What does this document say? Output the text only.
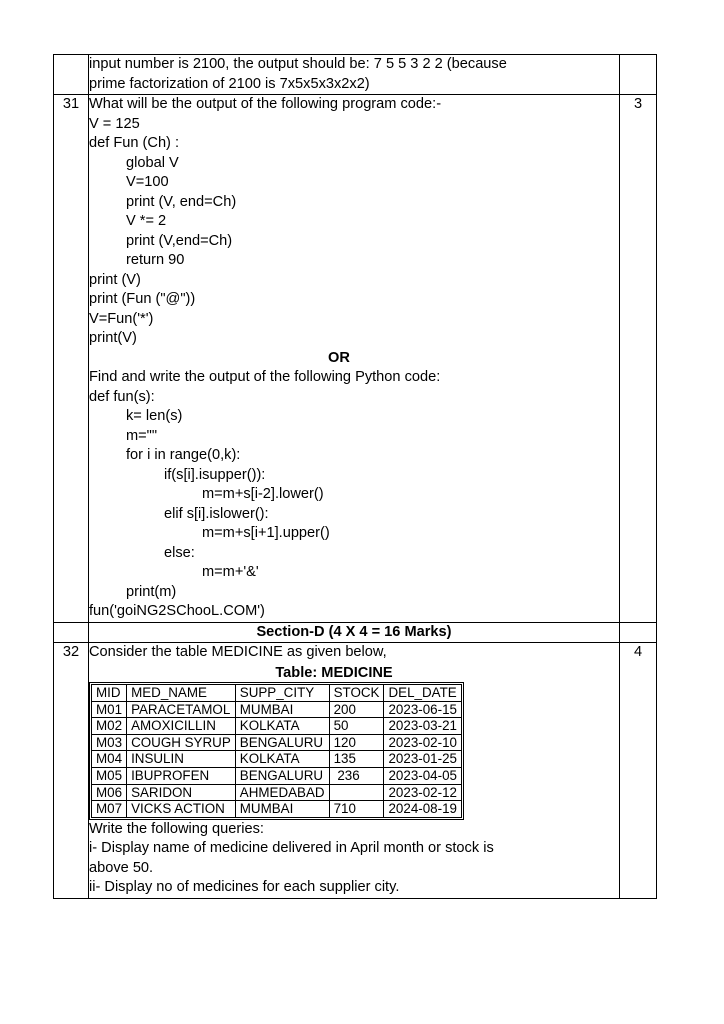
input number is 2100, the output should be: 7 5 5 3 2 2 (because
prime factorization of 2100 is 7x5x5x3x2x2)

31	What will be the output of the following program code:-
V = 125
def Fun (Ch) :
global V
V=100
print (V, end=Ch)
V *= 2
print (V,end=Ch)
return 90
print (V)
print (Fun ("@"))
V=Fun('*')
print(V)
OR
Find and write the output of the following Python code:
def fun(s):
k= len(s)
m=""
for i in range(0,k):
if(s[i].isupper()):
m=m+s[i-2].lower()
elif s[i].islower():
m=m+s[i+1].upper()
else:
m=m+'&'
print(m)
fun('goiNG2SChooL.COM')
	3
	Section-D (4 X 4 = 16 Marks)	
32	Consider the table MEDICINE as given below,
Table: MEDICINE
MID	MED_NAME	SUPP_CITY	STOCK	DEL_DATE
M01	PARACETAMOL	MUMBAI	200	2023-06-15
M02	AMOXICILLIN	KOLKATA	50	2023-03-21
M03	COUGH SYRUP	BENGALURU	120	2023-02-10
M04	INSULIN	KOLKATA	135	2023-01-25
M05	IBUPROFEN	BENGALURU	236	2023-04-05
M06	SARIDON	AHMEDABAD		2023-02-12
M07	VICKS ACTION	MUMBAI	710	2024-08-19
Write the following queries:
i- Display name of medicine delivered in April month or stock is
above 50.
ii- Display no of medicines for each supplier city.
	4
